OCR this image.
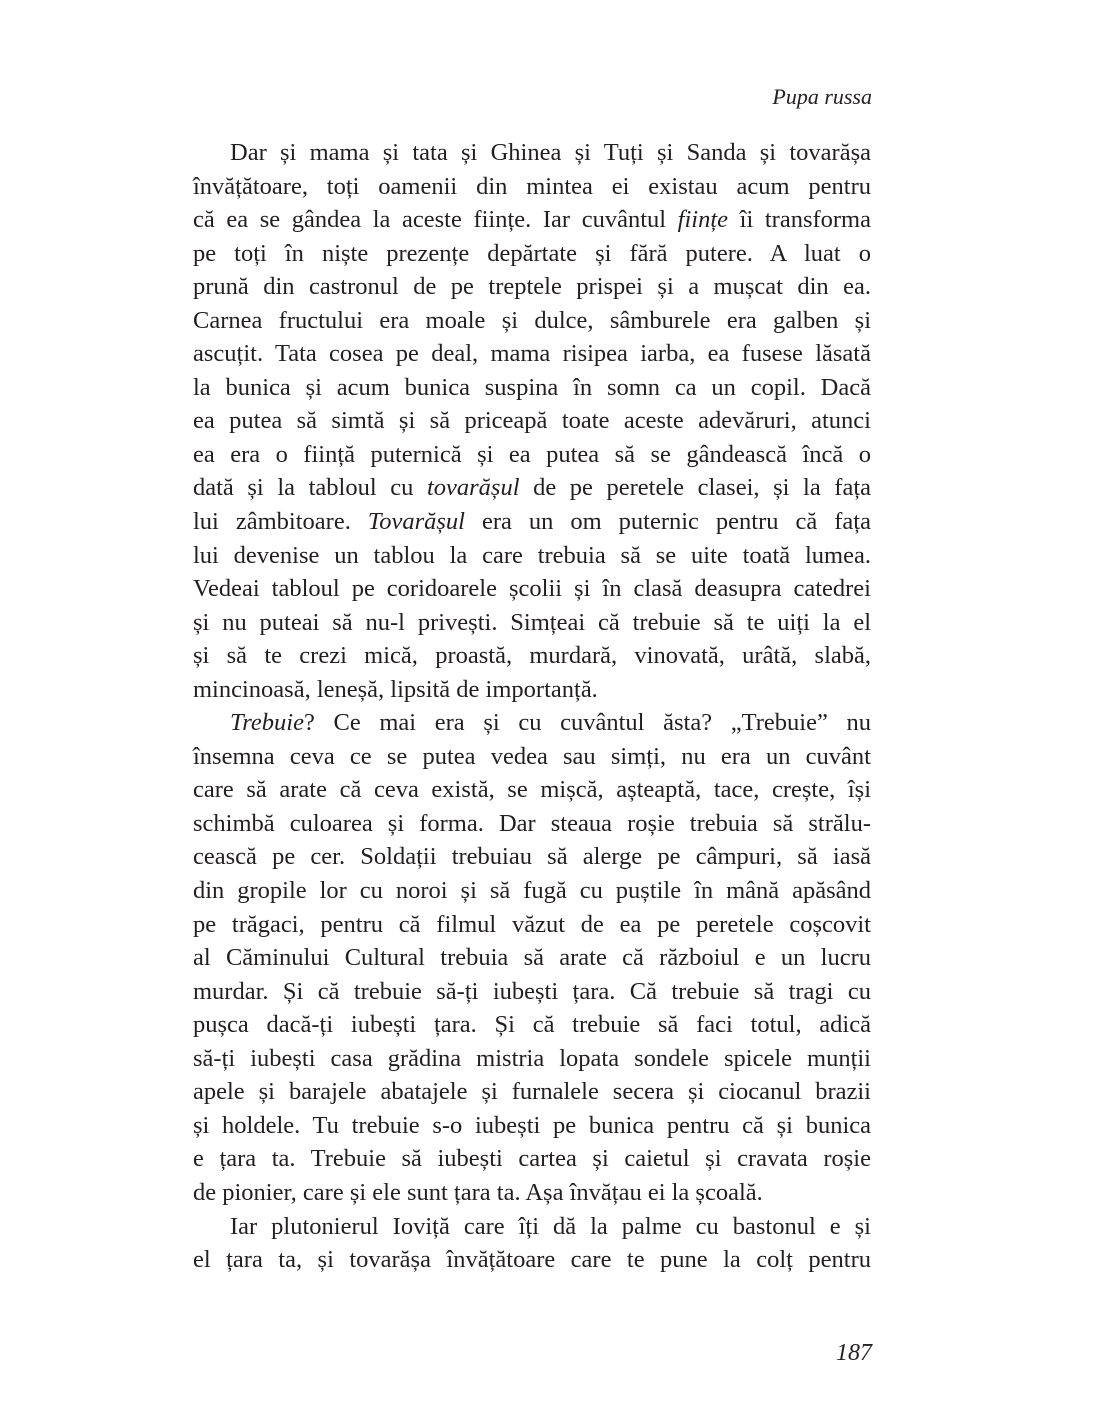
Pupa russa
Dar și mama și tata și Ghinea și Tuți și Sanda și tovarășa
învățătoare, toți oamenii din mintea ei existau acum pentru
că ea se gândea la aceste ființe. Iar cuvântul ființe îi transforma
pe toți în niște prezențe depărtate și fără putere. A luat o
prună din castronul de pe treptele prispei și a mușcat din ea.
Carnea fructului era moale și dulce, sâmburele era galben și
ascuțit. Tata cosea pe deal, mama risipea iarba, ea fusese lăsată
la bunica și acum bunica suspina în somn ca un copil. Dacă
ea putea să simtă și să priceapă toate aceste adevăruri, atunci
ea era o ființă puternică și ea putea să se gândească încă o
dată și la tabloul cu tovarășul de pe peretele clasei, și la fața
lui zâmbitoare. Tovarășul era un om puternic pentru că fața
lui devenise un tablou la care trebuia să se uite toată lumea.
Vedeai tabloul pe coridoarele școlii și în clasă deasupra catedrei
și nu puteai să nu-l privești. Simțeai că trebuie să te uiți la el
și să te crezi mică, proastă, murdară, vinovată, urâtă, slabă,
mincinoasă, leneșă, lipsită de importanță.
Trebuie? Ce mai era și cu cuvântul ăsta? „Trebuie” nu
însemna ceva ce se putea vedea sau simți, nu era un cuvânt
care să arate că ceva există, se mișcă, așteaptă, tace, crește, își
schimbă culoarea și forma. Dar steaua roșie trebuia să strălu-
cească pe cer. Soldații trebuiau să alerge pe câmpuri, să iasă
din gropile lor cu noroi și să fugă cu puștile în mână apăsând
pe trăgaci, pentru că filmul văzut de ea pe peretele coșcovit
al Căminului Cultural trebuia să arate că războiul e un lucru
murdar. Și că trebuie să-ți iubești țara. Că trebuie să tragi cu
pușca dacă-ți iubești țara. Și că trebuie să faci totul, adică
să-ți iubești casa grădina mistria lopata sondele spicele munții
apele și barajele abatajele și furnalele secera și ciocanul brazii
și holdele. Tu trebuie s-o iubești pe bunica pentru că și bunica
e țara ta. Trebuie să iubești cartea și caietul și cravata roșie
de pionier, care și ele sunt țara ta. Așa învățau ei la școală.
Iar plutonierul Ioviță care îți dă la palme cu bastonul e și
el țara ta, și tovarășa învățătoare care te pune la colț pentru
187
